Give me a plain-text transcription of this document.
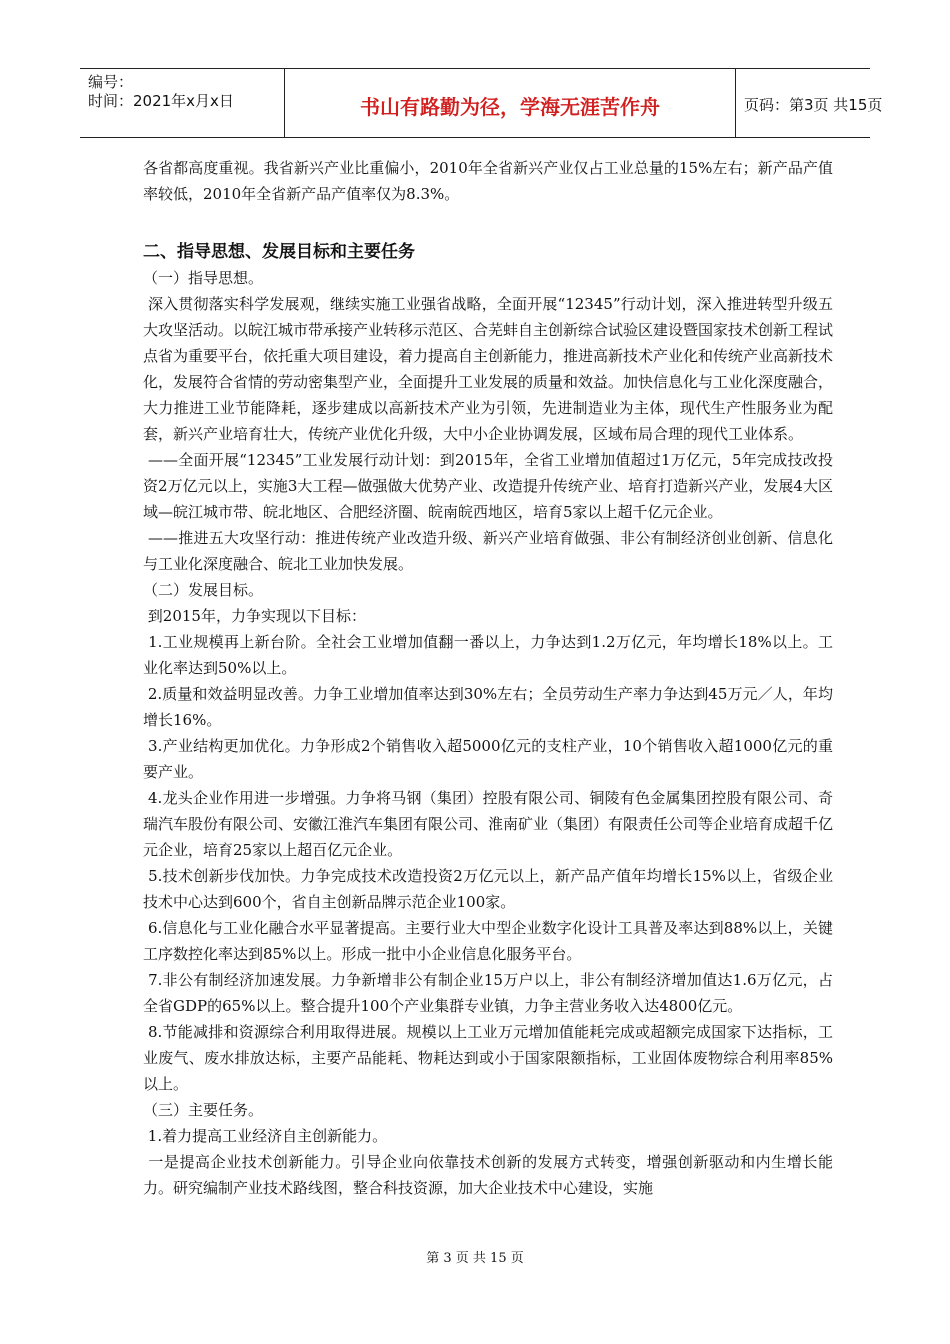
编号：
时间：2021年x月x日	书山有路勤为径，学海无涯苦作舟	页码：第3页 共15页

各省都高度重视。我省新兴产业比重偏小，2010年全省新兴产业仅占工业总量的15%左右；新产品产值率较低，2010年全省新产品产值率仅为8.3%。

二、指导思想、发展目标和主要任务

（一）指导思想。

深入贯彻落实科学发展观，继续实施工业强省战略，全面开展“12345”行动计划，深入推进转型升级五大攻坚活动。以皖江城市带承接产业转移示范区、合芜蚌自主创新综合试验区建设暨国家技术创新工程试点省为重要平台，依托重大项目建设，着力提高自主创新能力，推进高新技术产业化和传统产业高新技术化，发展符合省情的劳动密集型产业，全面提升工业发展的质量和效益。加快信息化与工业化深度融合，大力推进工业节能降耗，逐步建成以高新技术产业为引领，先进制造业为主体，现代生产性服务业为配套，新兴产业培育壮大，传统产业优化升级，大中小企业协调发展，区域布局合理的现代工业体系。

——全面开展“12345”工业发展行动计划：到2015年，全省工业增加值超过1万亿元，5年完成技改投资2万亿元以上，实施3大工程—做强做大优势产业、改造提升传统产业、培育打造新兴产业，发展4大区域—皖江城市带、皖北地区、合肥经济圈、皖南皖西地区，培育5家以上超千亿元企业。

——推进五大攻坚行动：推进传统产业改造升级、新兴产业培育做强、非公有制经济创业创新、信息化与工业化深度融合、皖北工业加快发展。

（二）发展目标。

到2015年，力争实现以下目标：

1.工业规模再上新台阶。全社会工业增加值翻一番以上，力争达到1.2万亿元，年均增长18%以上。工业化率达到50%以上。

2.质量和效益明显改善。力争工业增加值率达到30%左右；全员劳动生产率力争达到45万元／人，年均增长16%。

3.产业结构更加优化。力争形成2个销售收入超5000亿元的支柱产业，10个销售收入超1000亿元的重要产业。

4.龙头企业作用进一步增强。力争将马钢（集团）控股有限公司、铜陵有色金属集团控股有限公司、奇瑞汽车股份有限公司、安徽江淮汽车集团有限公司、淮南矿业（集团）有限责任公司等企业培育成超千亿元企业，培育25家以上超百亿元企业。

5.技术创新步伐加快。力争完成技术改造投资2万亿元以上，新产品产值年均增长15%以上，省级企业技术中心达到600个，省自主创新品牌示范企业100家。

6.信息化与工业化融合水平显著提高。主要行业大中型企业数字化设计工具普及率达到88%以上，关键工序数控化率达到85%以上。形成一批中小企业信息化服务平台。

7.非公有制经济加速发展。力争新增非公有制企业15万户以上，非公有制经济增加值达1.6万亿元，占全省GDP的65%以上。整合提升100个产业集群专业镇，力争主营业务收入达4800亿元。

8.节能减排和资源综合利用取得进展。规模以上工业万元增加值能耗完成或超额完成国家下达指标，工业废气、废水排放达标，主要产品能耗、物耗达到或小于国家限额指标，工业固体废物综合利用率85%以上。

（三）主要任务。

1.着力提高工业经济自主创新能力。

一是提高企业技术创新能力。引导企业向依靠技术创新的发展方式转变，增强创新驱动和内生增长能力。研究编制产业技术路线图，整合科技资源，加大企业技术中心建设，实施

第 3 页 共 15 页
